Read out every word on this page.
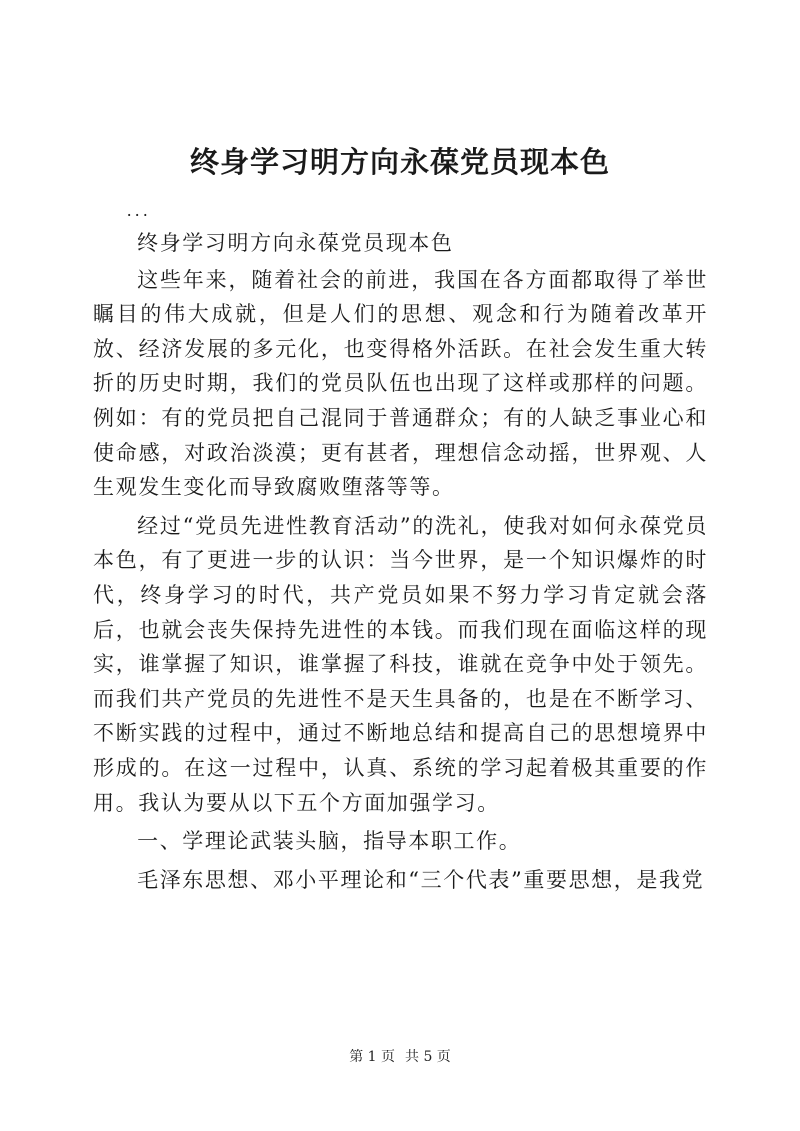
终身学习明方向永葆党员现本色

...

终身学习明方向永葆党员现本色

这些年来，随着社会的前进，我国在各方面都取得了举世瞩目的伟大成就，但是人们的思想、观念和行为随着改革开放、经济发展的多元化，也变得格外活跃。在社会发生重大转折的历史时期，我们的党员队伍也出现了这样或那样的问题。例如：有的党员把自己混同于普通群众；有的人缺乏事业心和使命感，对政治淡漠；更有甚者，理想信念动摇，世界观、人生观发生变化而导致腐败堕落等等。

经过“党员先进性教育活动”的洗礼，使我对如何永葆党员本色，有了更进一步的认识：当今世界，是一个知识爆炸的时代，终身学习的时代，共产党员如果不努力学习肯定就会落后，也就会丧失保持先进性的本钱。而我们现在面临这样的现实，谁掌握了知识，谁掌握了科技，谁就在竞争中处于领先。而我们共产党员的先进性不是天生具备的，也是在不断学习、不断实践的过程中，通过不断地总结和提高自己的思想境界中形成的。在这一过程中，认真、系统的学习起着极其重要的作用。我认为要从以下五个方面加强学习。

一、学理论武装头脑，指导本职工作。

毛泽东思想、邓小平理论和“三个代表”重要思想，是我党

第 1 页 共 5 页
